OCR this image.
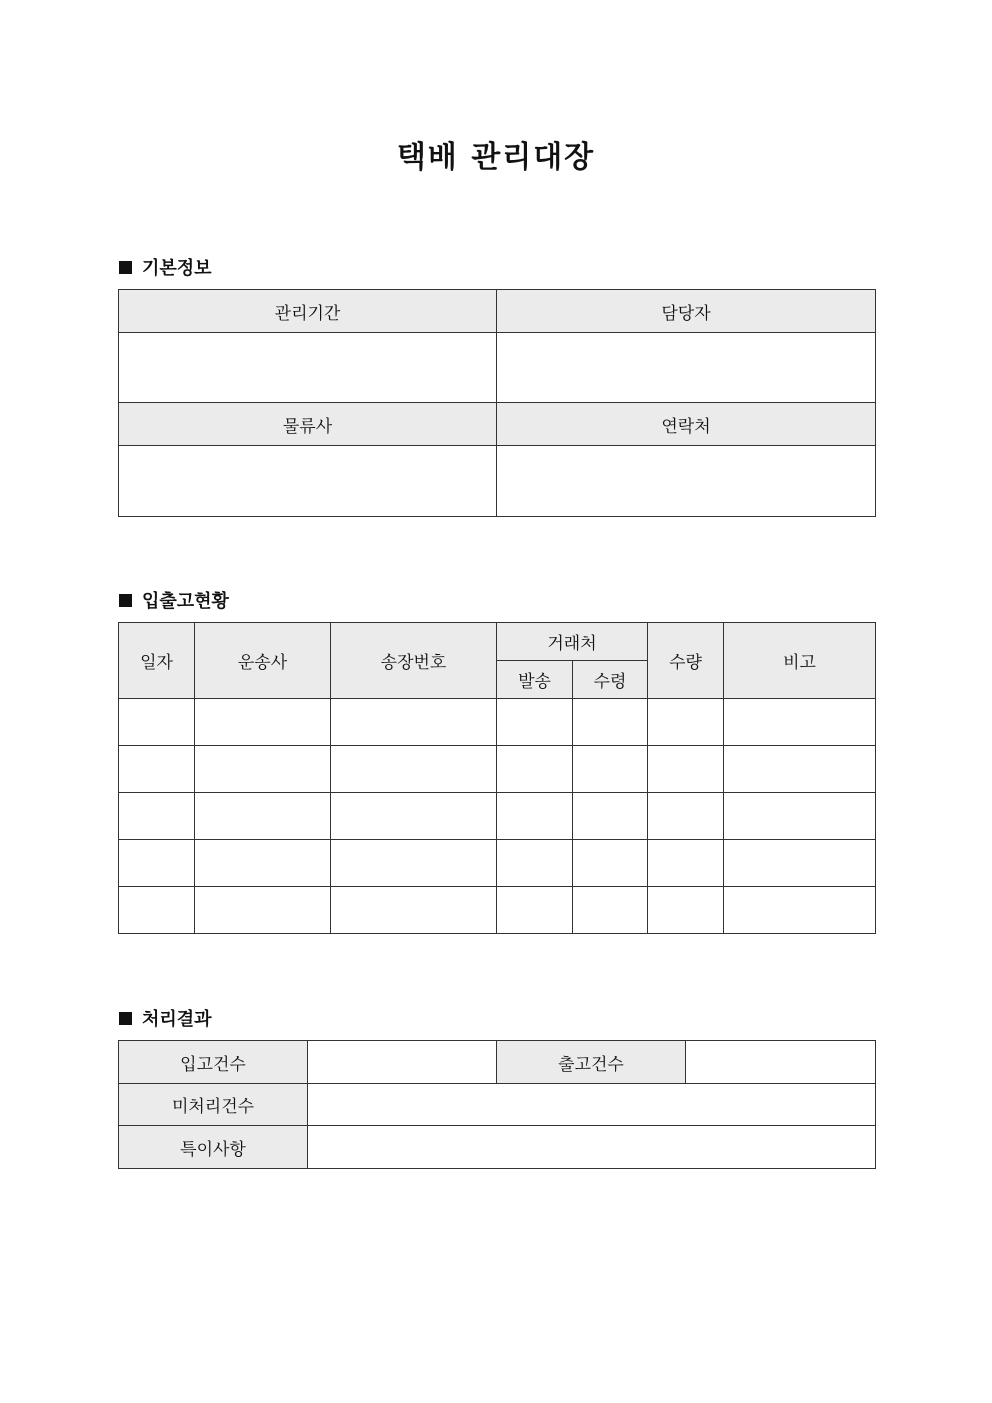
택배 관리대장
기본정보
관리기간	담당자

물류사	연락처

입출고현황
일자	운송사	송장번호	거래처		수량	비고
			발송	수령		

처리결과
입고건수		출고건수	
미처리건수			
특이사항			
